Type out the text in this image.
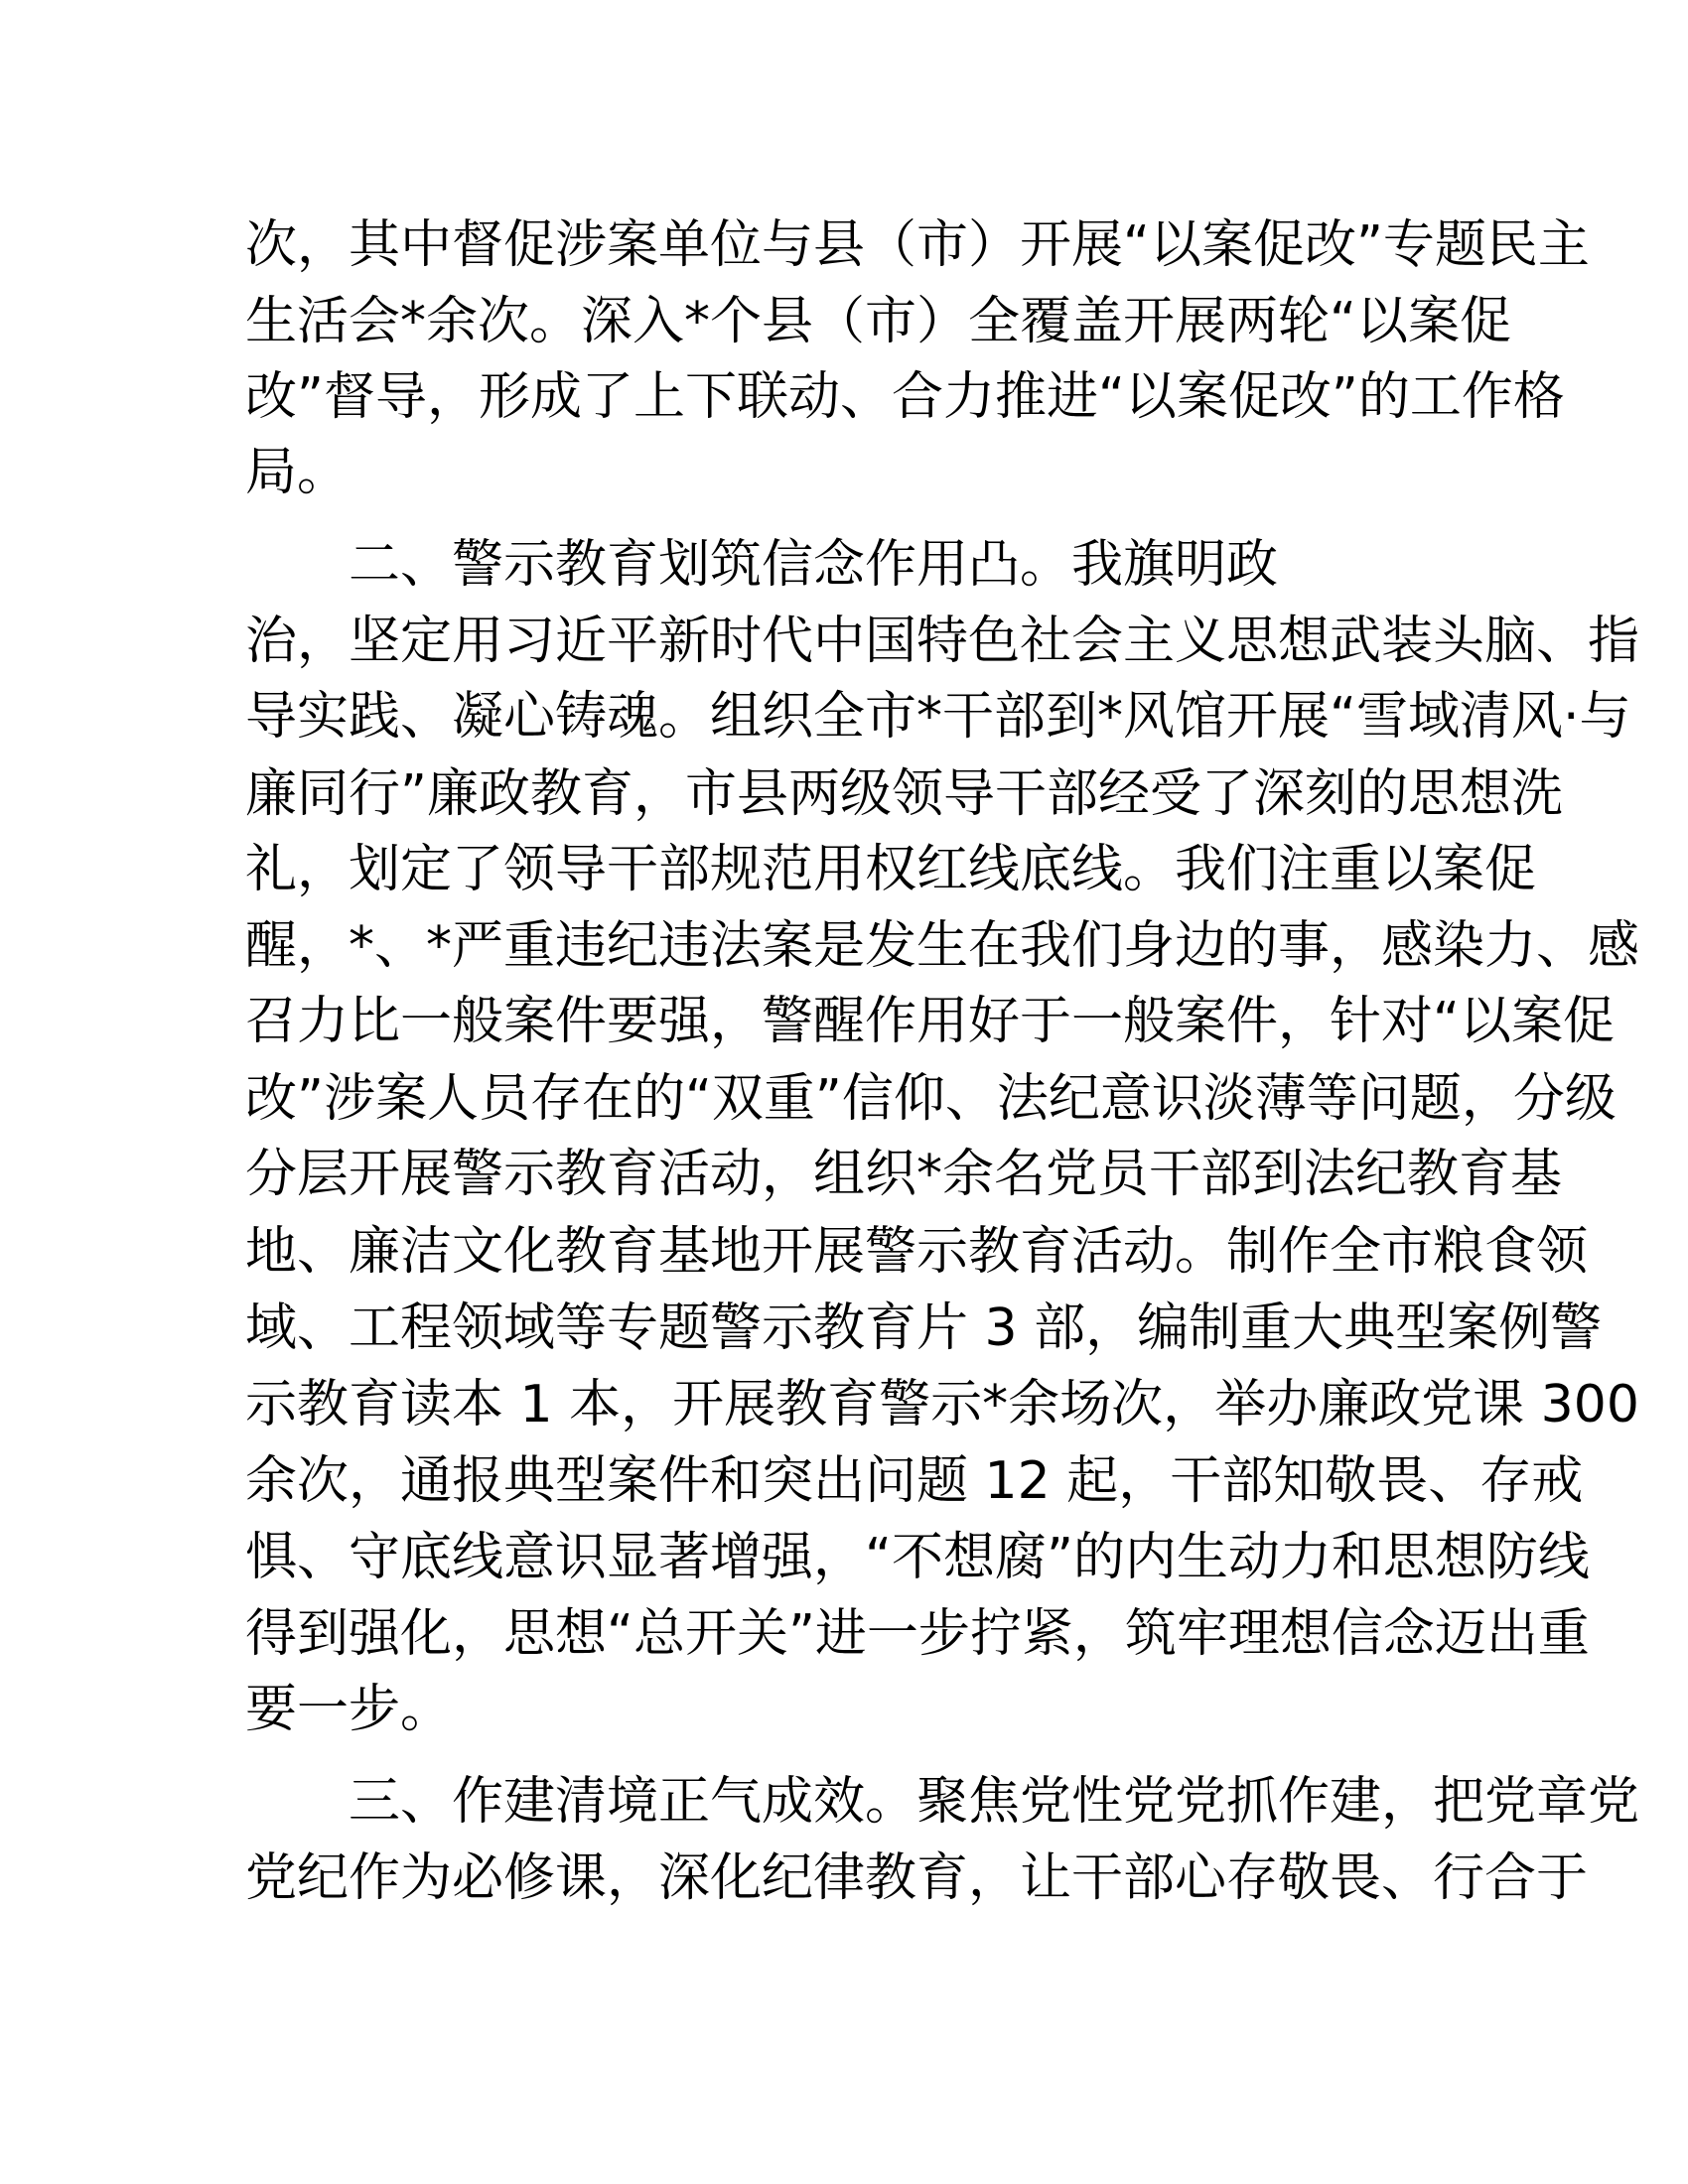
次，其中督促涉案单位与县（市）开展“以案促改”专题民主
生活会*余次。深入*个县（市）全覆盖开展两轮“以案促
改”督导，形成了上下联动、合力推进“以案促改”的工作格
局。
二、警示教育划筑信念作用凸。我旗明政
治，坚定用习近平新时代中国特色社会主义思想武装头脑、指
导实践、凝心铸魂。组织全市*干部到*风馆开展“雪域清风·与
廉同行”廉政教育，市县两级领导干部经受了深刻的思想洗
礼，划定了领导干部规范用权红线底线。我们注重以案促
醒，*、*严重违纪违法案是发生在我们身边的事，感染力、感
召力比一般案件要强，警醒作用好于一般案件，针对“以案促
改”涉案人员存在的“双重”信仰、法纪意识淡薄等问题，分级
分层开展警示教育活动，组织*余名党员干部到法纪教育基
地、廉洁文化教育基地开展警示教育活动。制作全市粮食领
域、工程领域等专题警示教育片 3 部，编制重大典型案例警
示教育读本 1 本，开展教育警示*余场次，举办廉政党课 300
余次，通报典型案件和突出问题 12 起，干部知敬畏、存戒
惧、守底线意识显著增强，“不想腐”的内生动力和思想防线
得到强化，思想“总开关”进一步拧紧，筑牢理想信念迈出重
要一步。
三、作建清境正气成效。聚焦党性党党抓作建，把党章党
党纪作为必修课，深化纪律教育，让干部心存敬畏、行合于
